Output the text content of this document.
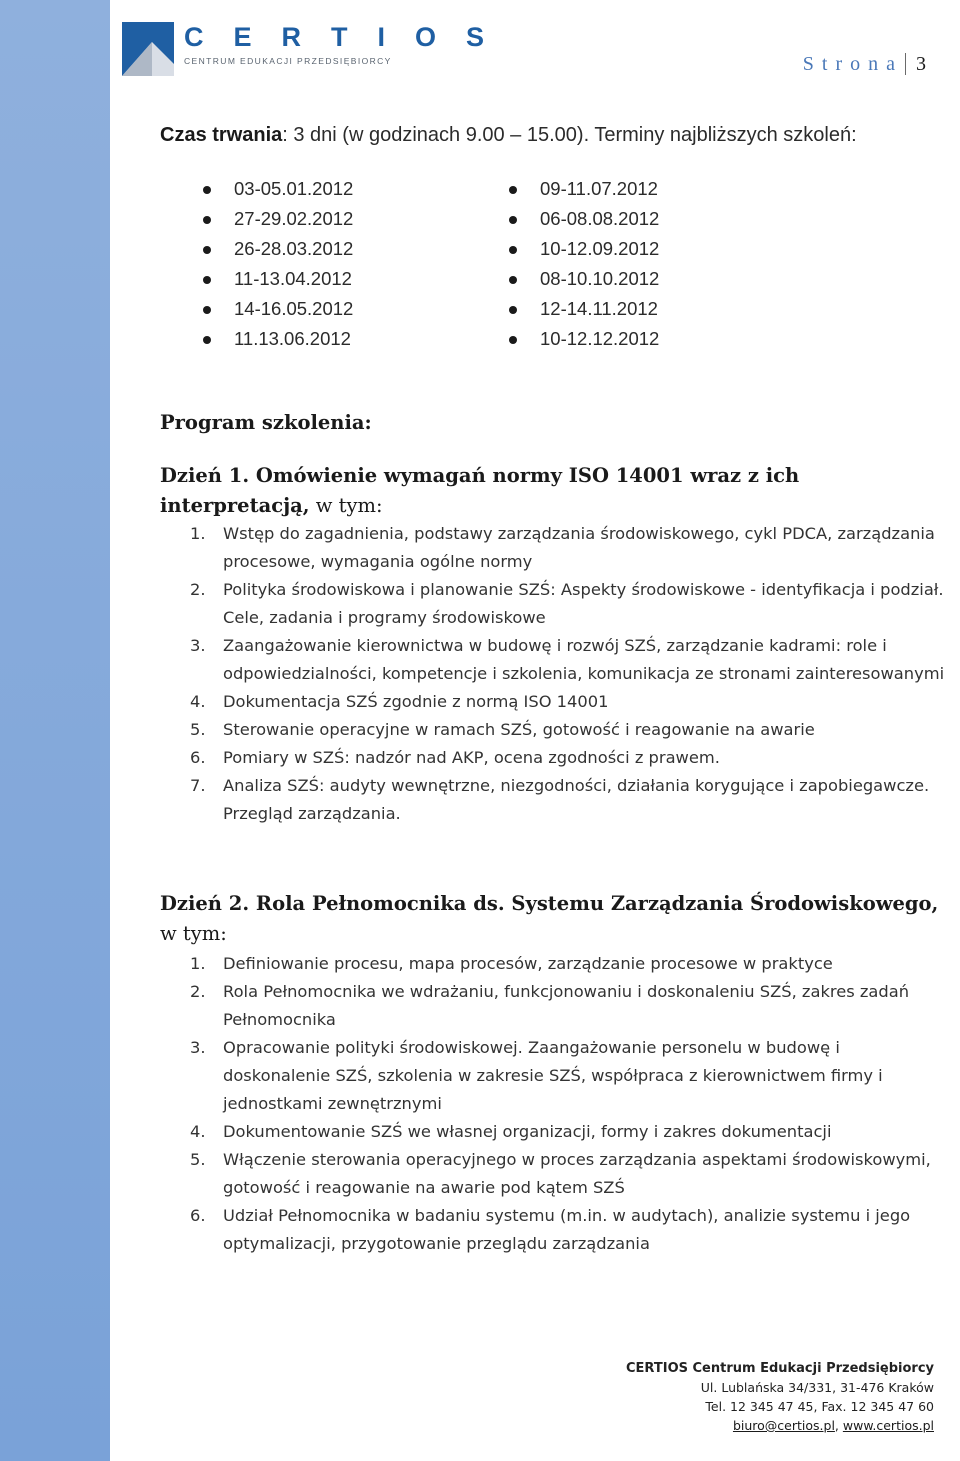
CERTIOS
CENTRUM EDUKACJI PRZEDSIĘBIORCY	Strona 3
Czas trwania: 3 dni (w godzinach 9.00 – 15.00). Terminy najbliższych szkoleń:
03-05.01.2012
27-29.02.2012
26-28.03.2012
11-13.04.2012
14-16.05.2012
11.13.06.2012
09-11.07.2012
06-08.08.2012
10-12.09.2012
08-10.10.2012
12-14.11.2012
10-12.12.2012
Program szkolenia:
Dzień 1. Omówienie wymagań normy ISO 14001 wraz z ich interpretacją, w tym:
1. Wstęp do zagadnienia, podstawy zarządzania środowiskowego, cykl PDCA, zarządzania procesowe, wymagania ogólne normy
2. Polityka środowiskowa i planowanie SZŚ: Aspekty środowiskowe - identyfikacja i podział. Cele, zadania i programy środowiskowe
3. Zaangażowanie kierownictwa w budowę i rozwój SZŚ, zarządzanie kadrami: role i odpowiedzialności, kompetencje i szkolenia, komunikacja ze stronami zainteresowanymi
4. Dokumentacja SZŚ zgodnie z normą ISO 14001
5. Sterowanie operacyjne w ramach SZŚ, gotowość i reagowanie na awarie
6. Pomiary w SZŚ: nadzór nad AKP, ocena zgodności z prawem.
7. Analiza SZŚ: audyty wewnętrzne, niezgodności, działania korygujące i zapobiegawcze. Przegląd zarządzania.
Dzień 2. Rola Pełnomocnika ds. Systemu Zarządzania Środowiskowego, w tym:
1. Definiowanie procesu, mapa procesów, zarządzanie procesowe w praktyce
2. Rola Pełnomocnika we wdrażaniu, funkcjonowaniu i doskonaleniu SZŚ, zakres zadań Pełnomocnika
3. Opracowanie polityki środowiskowej. Zaangażowanie personelu w budowę i doskonalenie SZŚ, szkolenia w zakresie SZŚ, współpraca z kierownictwem firmy i jednostkami zewnętrznymi
4. Dokumentowanie SZŚ we własnej organizacji, formy i zakres dokumentacji
5. Włączenie sterowania operacyjnego w proces zarządzania aspektami środowiskowymi, gotowość i reagowanie na awarie pod kątem SZŚ
6. Udział Pełnomocnika w badaniu systemu (m.in. w audytach), analizie systemu i jego optymalizacji, przygotowanie przeglądu zarządzania
CERTIOS Centrum Edukacji Przedsiębiorcy
Ul. Lublańska 34/331, 31-476 Kraków
Tel. 12 345 47 45, Fax. 12 345 47 60
biuro@certios.pl, www.certios.pl
